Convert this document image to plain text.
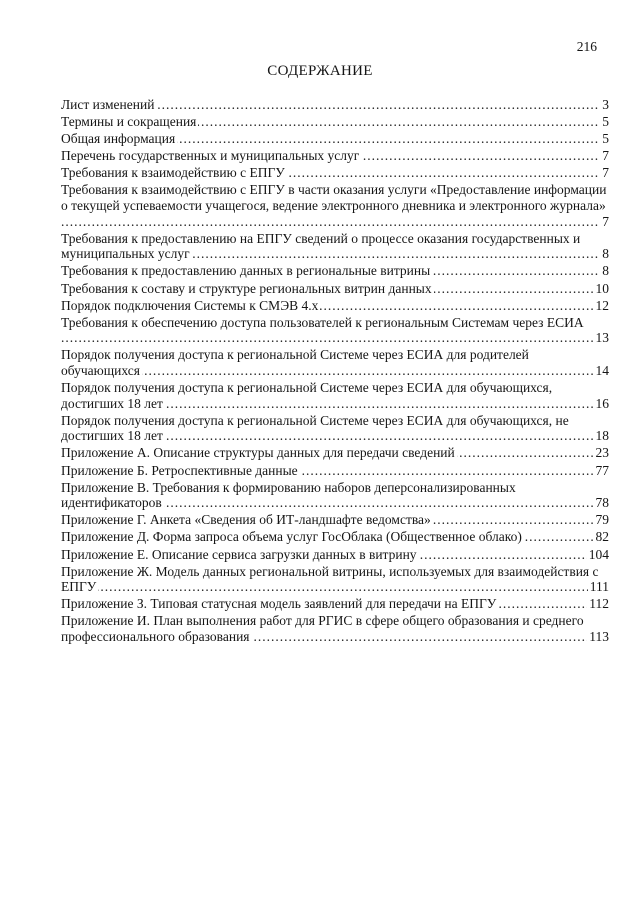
216
СОДЕРЖАНИЕ
Лист изменений	3
.....
Термины и сокращения	5
.....
Общая информация	5
.....
Перечень государственных и муниципальных услуг	7
.....
Требования к взаимодействию с ЕПГУ	7
.....
Требования к взаимодействию с ЕПГУ в части оказания услуги «Предоставление информации о текущей успеваемости учащегося, ведение электронного дневника и электронного журнала»
7
.....
Требования к предоставлению на ЕПГУ сведений о процессе оказания государственных и муниципальных услуг	8
.....
Требования к предоставлению данных в региональные витрины	8
.....
Требования к составу и структуре региональных витрин данных	10
.....
Порядок подключения Системы к СМЭВ 4.х	12
.....
Требования к обеспечению доступа пользователей к региональным Системам через ЕСИА
13
.....
Порядок получения доступа к региональной Системе через ЕСИА для родителей обучающихся	14
.....
Порядок получения доступа к региональной Системе через ЕСИА для обучающихся, достигших 18 лет	16
.....
Порядок получения доступа к региональной Системе через ЕСИА для обучающихся, не достигших 18 лет	18
.....
Приложение А. Описание структуры данных для передачи сведений	23
.....
Приложение Б. Ретроспективные данные	77
.....
Приложение В. Требования к формированию наборов деперсонализированных идентификаторов	78
.....
Приложение Г. Анкета «Сведения об ИТ-ландшафте ведомства»	79
.....
Приложение Д. Форма запроса объема услуг ГосОблака (Общественное облако)	82
.....
Приложение Е. Описание сервиса загрузки данных в витрину	104
.....
Приложение Ж. Модель данных региональной витрины, используемых для взаимодействия с ЕПГУ	111
.....
Приложение З. Типовая статусная модель заявлений для передачи на ЕПГУ	112
.....
Приложение И. План выполнения работ для РГИС в сфере общего образования и среднего профессионального образования	113
.....
